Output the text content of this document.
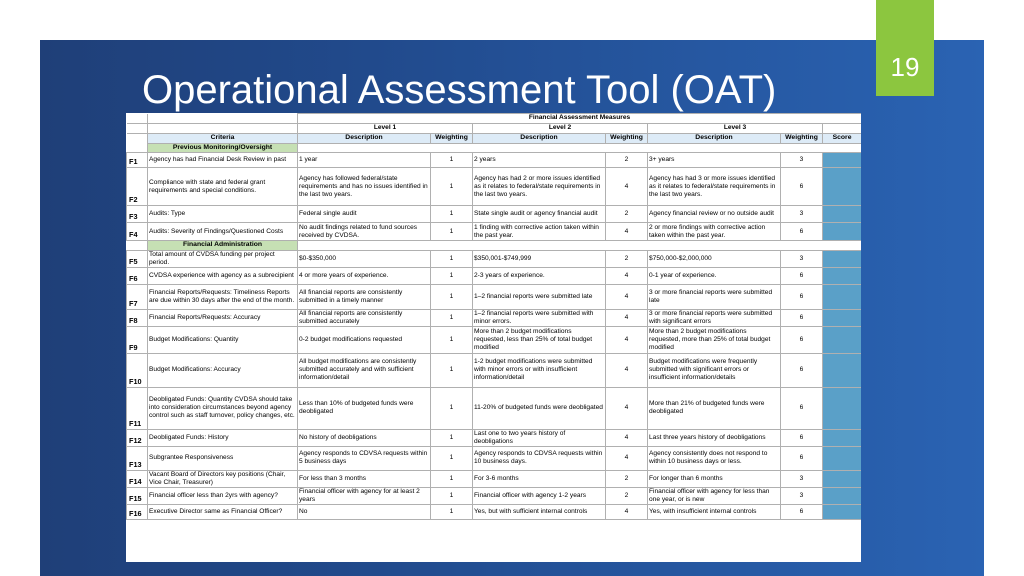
19
Operational Assessment Tool (OAT)
		Financial Assessment Measures						
		Level 1		Level 2		Level 3		
	Criteria	Description	Weighting	Description	Weighting	Description	Weighting	Score
	Previous Monitoring/Oversight							
F1	Agency has had Financial Desk Review in past	1 year	1	2 years	2	3+ years	3	
F2	Compliance with state and federal grant requirements and special conditions.	Agency has followed federal/state requirements and has no issues identified in the last two years.	1	Agency has had 2 or more issues identified as it relates to federal/state requirements in the last two years.	4	Agency has had 3 or more issues identified as it relates to federal/state requirements in the last two years.	6	
F3	Audits: Type	Federal single audit	1	State single audit or agency financial audit	2	Agency financial review or no outside audit	3	
F4	Audits: Severity of Findings/Questioned Costs	No audit findings related to fund sources received by CVDSA.	1	1 finding with corrective action taken within the past year.	4	2 or more findings with corrective action taken within the past year.	6	
	Financial Administration							
F5	Total amount of CVDSA funding per project period.	$0-$350,000	1	$350,001-$749,999	2	$750,000-$2,000,000	3	
F6	CVDSA experience with agency as a subrecipient	4 or more years of experience.	1	2-3 years of experience.	4	0-1 year of experience.	6	
F7	Financial Reports/Requests: Timeliness Reports are due within 30 days after the end of the month.	All financial reports are consistently submitted in a timely manner	1	1–2 financial reports were submitted late	4	3 or more financial reports were submitted late	6	
F8	Financial Reports/Requests: Accuracy	All financial reports are consistently submitted accurately	1	1–2 financial reports were submitted with minor errors.	4	3 or more financial reports were submitted with significant errors	6	
F9	Budget Modifications: Quantity	0-2 budget modifications requested	1	More than 2 budget modifications requested, less than 25% of total budget modified	4	More than 2 budget modifications requested, more than 25% of total budget modified	6	
F10	Budget Modifications: Accuracy	All budget modifications are consistently submitted accurately and with sufficient information/detail	1	1-2 budget modifications were submitted with minor errors or with insufficient information/detail	4	Budget modifications were frequently submitted with significant errors or insufficient information/details	6	
F11	Deobligated Funds: Quantity CVDSA should take into consideration circumstances beyond agency control such as staff turnover, policy changes, etc.	Less than 10% of budgeted funds were deobligated	1	11-20% of budgeted funds were deobligated	4	More than 21% of budgeted funds were deobligated	6	
F12	Deobligated Funds: History	No history of deobligations	1	Last one to two years history of deobligations	4	Last three years history of deobligations	6	
F13	Subgrantee Responsiveness	Agency responds to CDVSA requests within 5 business days	1	Agency responds to CDVSA requests within 10 business days.	4	Agency consistently does not respond to within 10 business days or less.	6	
F14	Vacant Board of Directors key positions (Chair, Vice Chair, Treasurer)	For less than 3 months	1	For 3-6 months	2	For longer than 6 months	3	
F15	Financial officer less than 2yrs with agency?	Financial officer with agency for at least 2 years	1	Financial officer with agency 1-2 years	2	Financial officer with agency for less than one year, or is new	3	
F16	Executive Director same as Financial Officer?	No	1	Yes, but with sufficient internal controls	4	Yes, with insufficient internal controls	6	
